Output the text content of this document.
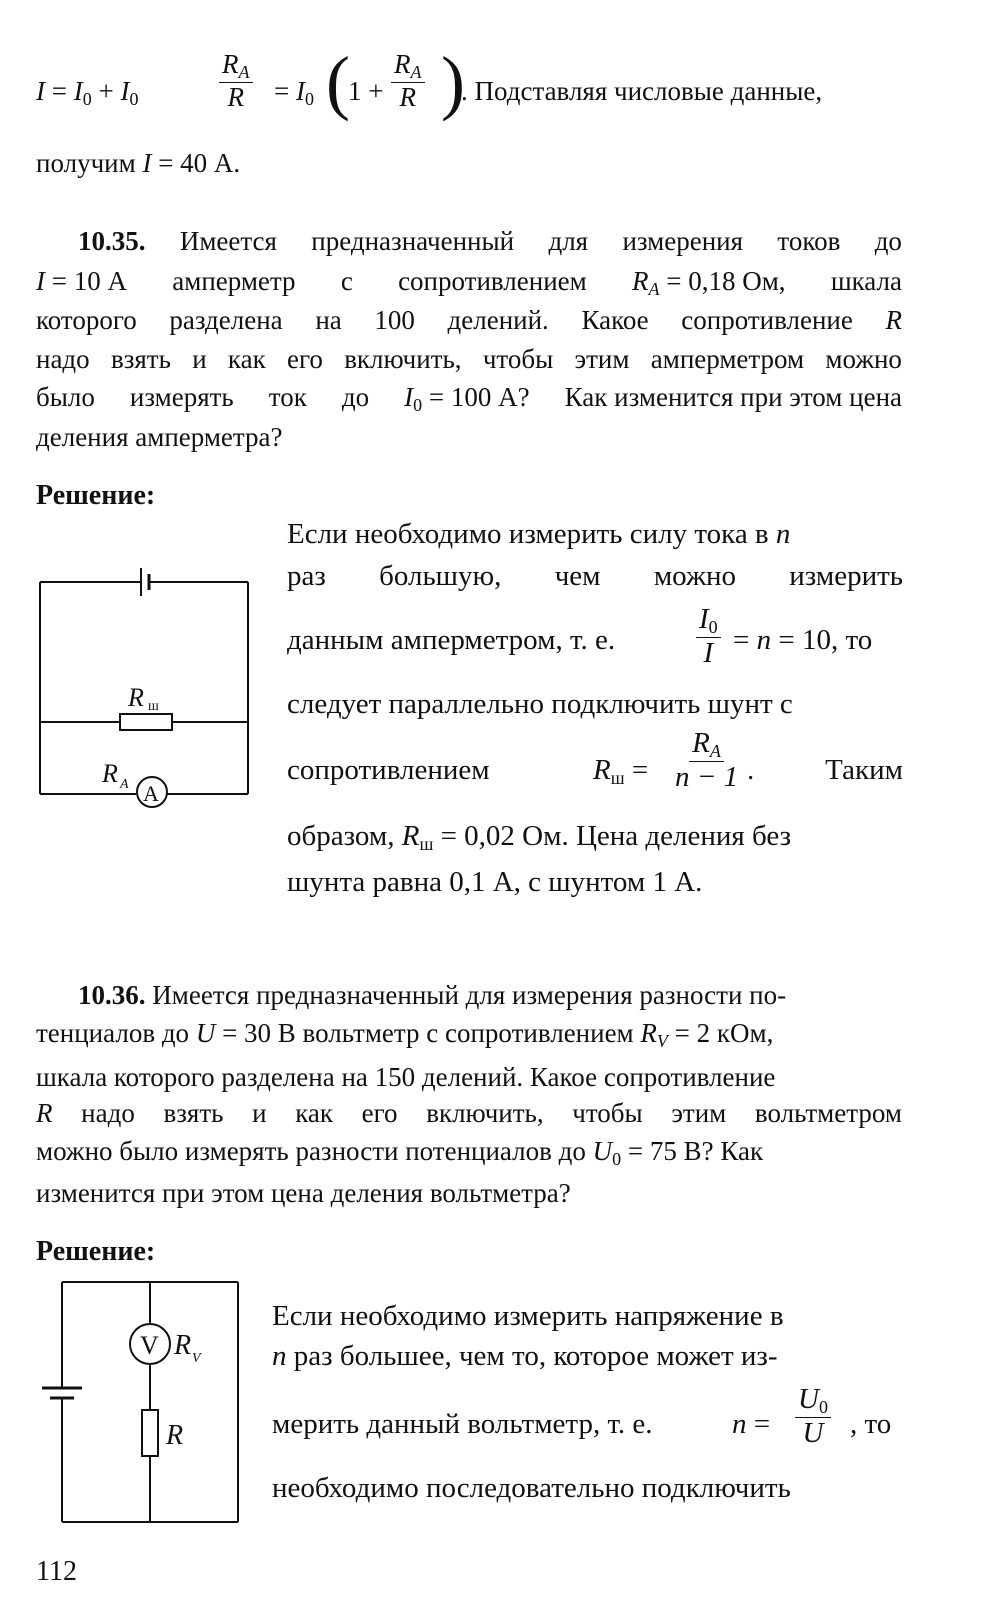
$I = I_0 + I_0$	$\frac{R_A}{R} = I_0$ (
$1 + \frac{R_A}{R}$ )
. Подставляя числовые данные,
получим I = 40 А.
10.35. Имеется предназначенный для измерения токов до
I = 10 А амперметр с сопротивлением $R_A = 0,18$ Ом, шкала
которого разделена на 100 делений. Какое сопротивление R
надо взять и как его включить, чтобы этим амперметром можно
было измерять ток до $I_0 = 100$ А? Как изменится при этом цена
деления амперметра?
Решение:
R ш
R A A
Если необходимо измерить силу тока в n
раз большую, чем можно измерить
данным амперметром, т. е.	$\frac{I_0}{I} = n = 10$, то
следует параллельно подключить шунт с
сопротивлением	$R_ш = \frac{R_A}{n - 1}$ . Таким
образом, $R_ш = 0,02$ Ом. Цена деления без
шунта равна 0,1 А, с шунтом 1 А.
10.36. Имеется предназначенный для измерения разности по-
тенциалов до U = 30 В вольтметр с сопротивлением $R_V = 2$ кОм,
шкала которого разделена на 150 делений. Какое сопротивление
R надо взять и как его включить, чтобы этим вольтметром
можно было измерять разности потенциалов до $U_0 = 75$ В? Как
изменится при этом цена деления вольтметра?
Решение:
V R V
R
Если необходимо измерить напряжение в
n раз большее, чем то, которое может из-
мерить данный вольтметр, т. е.	$n = \frac{U_0}{U}$ , то
необходимо последовательно подключить
112
